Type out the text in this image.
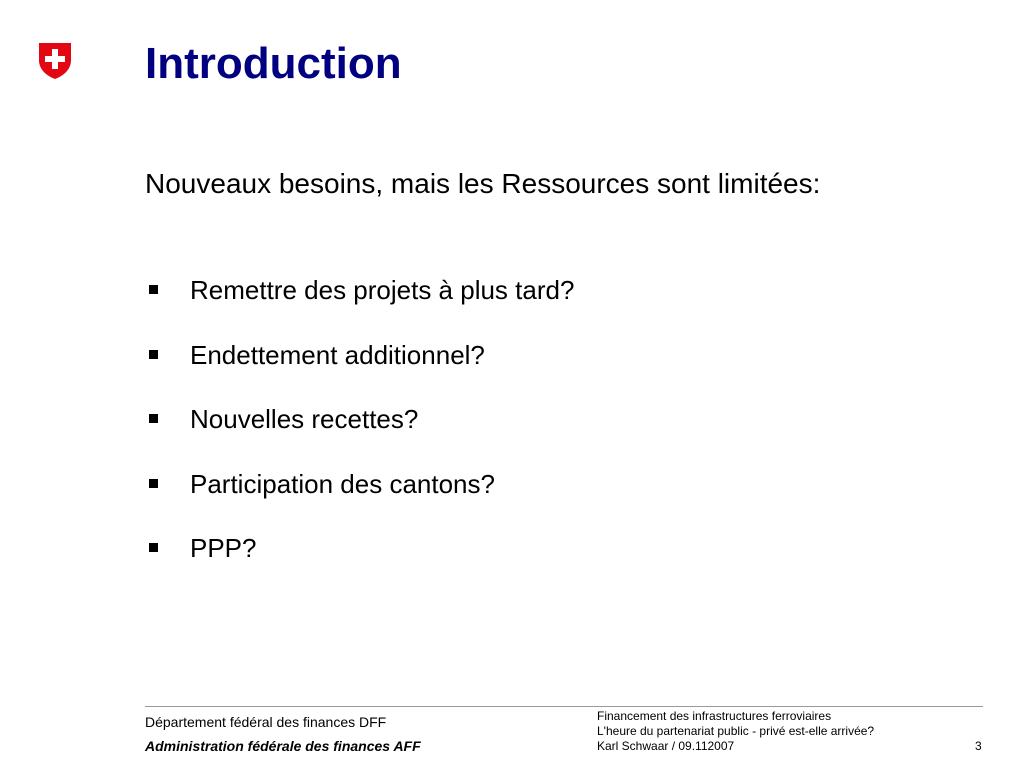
Introduction
Nouveaux besoins, mais les Ressources sont limitées:
Remettre des projets à plus tard?
Endettement additionnel?
Nouvelles recettes?
Participation des cantons?
PPP?
Département fédéral des finances DFF
Administration fédérale des finances AFF
Financement des infrastructures ferroviaires
L'heure du partenariat public - privé est-elle arrivée?
Karl Schwaar / 09.112007	3
